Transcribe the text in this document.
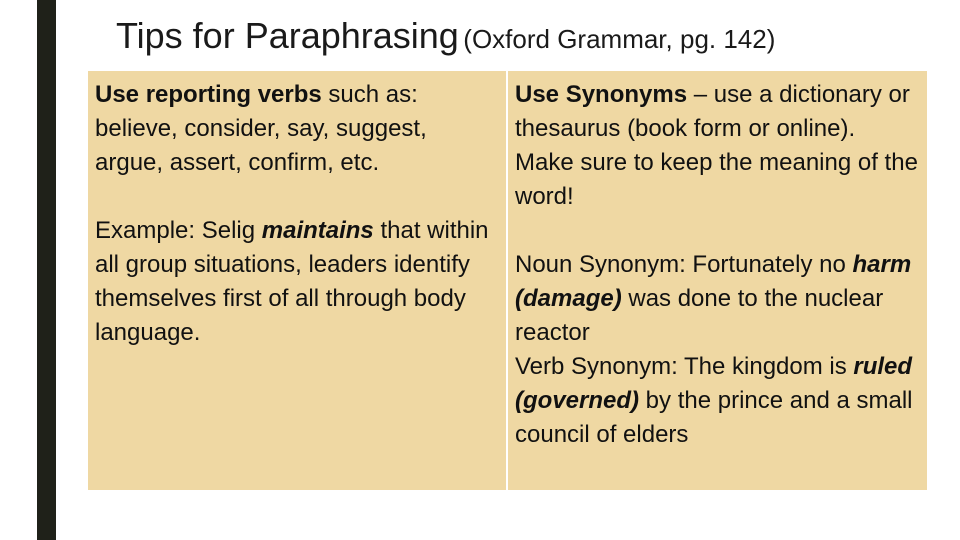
Tips for Paraphrasing (Oxford Grammar, pg. 142)

Use reporting verbs such as: believe, consider, say, suggest, argue, assert, confirm, etc.

Example: Selig maintains that within all group situations, leaders identify themselves first of all through body language.

Use Synonyms – use a dictionary or thesaurus (book form or online). Make sure to keep the meaning of the word!

Noun Synonym: Fortunately no harm (damage) was done to the nuclear reactor

Verb Synonym: The kingdom is ruled (governed) by the prince and a small council of elders
